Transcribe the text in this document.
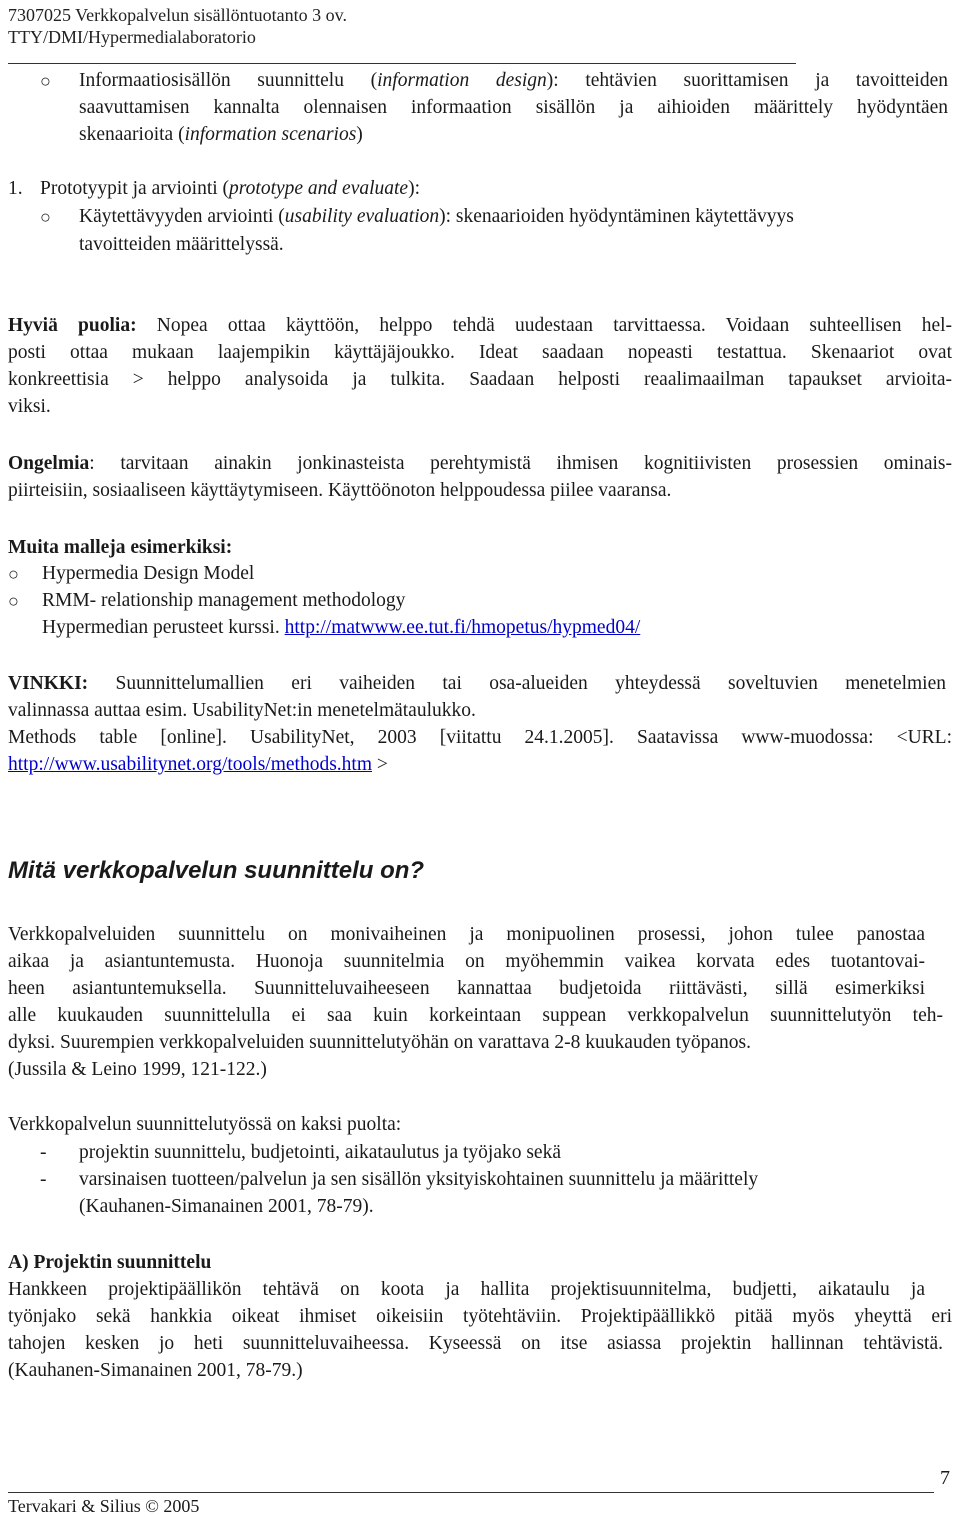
7307025 Verkkopalvelun sisällöntuotanto 3 ov.
TTY/DMI/Hypermedialaboratorio
○ Informaatiosisällön suunnittelu (information design): tehtävien suorittamisen ja tavoitteiden
saavuttamisen kannalta olennaisen informaation sisällön ja aihioiden määrittely hyödyntäen
skenaarioita (information scenarios)
1. Prototyypit ja arviointi (prototype and evaluate):
○ Käytettävyyden arviointi (usability evaluation): skenaarioiden hyödyntäminen käytettävyys
tavoitteiden määrittelyssä.
Hyviä puolia: Nopea ottaa käyttöön, helppo tehdä uudestaan tarvittaessa. Voidaan suhteellisen hel-
posti ottaa mukaan laajempikin käyttäjäjoukko. Ideat saadaan nopeasti testattua. Skenaariot ovat
konkreettisia > helppo analysoida ja tulkita. Saadaan helposti reaalimaailman tapaukset arvioita-
viksi.
Ongelmia: tarvitaan ainakin jonkinasteista perehtymistä ihmisen kognitiivisten prosessien ominais-
piirteisiin, sosiaaliseen käyttäytymiseen. Käyttöönoton helppoudessa piilee vaaransa.
Muita malleja esimerkiksi:
○ Hypermedia Design Model
○ RMM- relationship management methodology
Hypermedian perusteet kurssi. http://matwww.ee.tut.fi/hmopetus/hypmed04/
VINKKI: Suunnittelumallien eri vaiheiden tai osa-alueiden yhteydessä soveltuvien menetelmien
valinnassa auttaa esim. UsabilityNet:in menetelmätaulukko.
Methods table [online]. UsabilityNet, 2003 [viitattu 24.1.2005]. Saatavissa www-muodossa: <URL:
http://www.usabilitynet.org/tools/methods.htm >
Mitä verkkopalvelun suunnittelu on?
Verkkopalveluiden suunnittelu on monivaiheinen ja monipuolinen prosessi, johon tulee panostaa
aikaa ja asiantuntemusta. Huonoja suunnitelmia on myöhemmin vaikea korvata edes tuotantovai-
heen asiantuntemuksella. Suunnitteluvaiheeseen kannattaa budjetoida riittävästi, sillä esimerkiksi
alle kuukauden suunnittelulla ei saa kuin korkeintaan suppean verkkopalvelun suunnittelutyön teh-
dyksi. Suurempien verkkopalveluiden suunnittelutyöhän on varattava 2-8 kuukauden työpanos.
(Jussila & Leino 1999, 121-122.)
Verkkopalvelun suunnittelutyössä on kaksi puolta:
- projektin suunnittelu, budjetointi, aikataulutus ja työjako sekä
- varsinaisen tuotteen/palvelun ja sen sisällön yksityiskohtainen suunnittelu ja määrittely
(Kauhanen-Simanainen 2001, 78-79).
A) Projektin suunnittelu
Hankkeen projektipäällikön tehtävä on koota ja hallita projektisuunnitelma, budjetti, aikataulu ja
työnjako sekä hankkia oikeat ihmiset oikeisiin työtehtäviin. Projektipäällikkö pitää myös yheyttä eri
tahojen kesken jo heti suunnitteluvaiheessa. Kyseessä on itse asiassa projektin hallinnan tehtävistä.
(Kauhanen-Simanainen 2001, 78-79.)
7
Tervakari & Silius © 2005
